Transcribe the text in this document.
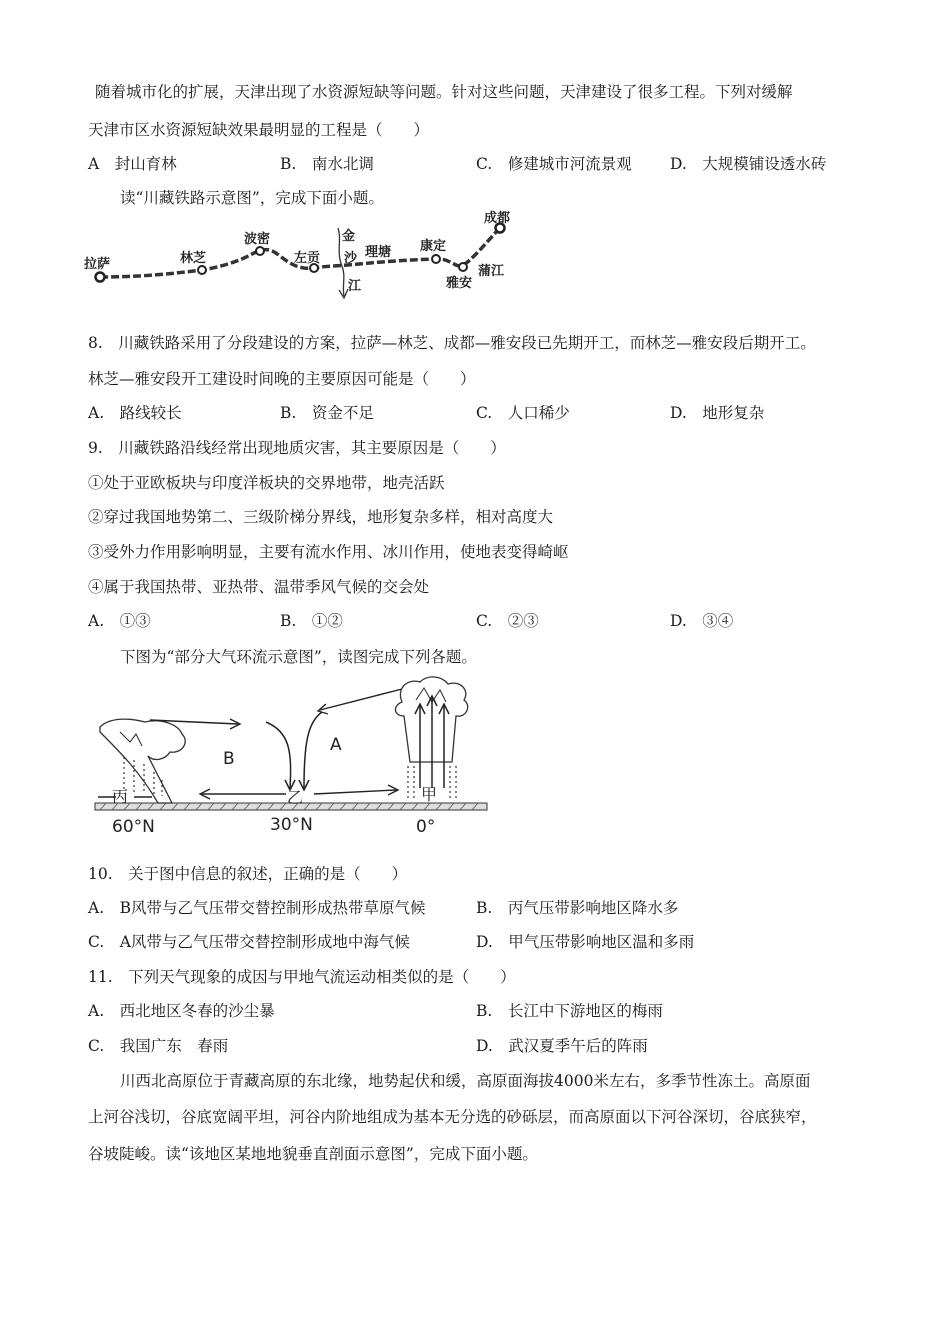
随着城市化的扩展，天津出现了水资源短缺等问题。针对这些问题，天津建设了很多工程。下列对缓解
天津市区水资源短缺效果最明显的工程是（　　）
A　封山育林	B.　南水北调	C.　修建城市河流景观 D.　大规模铺设透水砖
读“川藏铁路示意图”，完成下面小题。
拉萨	林芝
波密
左贡
金
沙
江
理塘 康定
雅安
蒲江
成都
8.　川藏铁路采用了分段建设的方案，拉萨—林芝、成都—雅安段已先期开工，而林芝—雅安段后期开工。
林芝—雅安段开工建设时间晚的主要原因可能是（　　）
A.　路线较长	B.　资金不足	C.　人口稀少	D.　地形复杂
9.　川藏铁路沿线经常出现地质灾害，其主要原因是（　　）
①处于亚欧板块与印度洋板块的交界地带，地壳活跃
②穿过我国地势第二、三级阶梯分界线，地形复杂多样，相对高度大
③受外力作用影响明显，主要有流水作用、冰川作用，使地表变得崎岖
④属于我国热带、亚热带、温带季风气候的交会处
A.　①③	B.　①②	C.　②③	D.　③④
下图为“部分大气环流示意图”，读图完成下列各题。
B
A
丙	乙	甲
60°N	30°N	0°
10.　关于图中信息的叙述，正确的是（　　）
A.　B风带与乙气压带交替控制形成热带草原气候	B.　丙气压带影响地区降水多
C.　A风带与乙气压带交替控制形成地中海气候	D.　甲气压带影响地区温和多雨
11.　下列天气现象的成因与甲地气流运动相类似的是（　　）
A.　西北地区冬春的沙尘暴	B.　长江中下游地区的梅雨
C.　我国广东　春雨	D.　武汉夏季午后的阵雨
川西北高原位于青藏高原的东北缘，地势起伏和缓，高原面海拔4000米左右，多季节性冻土。高原面
上河谷浅切，谷底宽阔平坦，河谷内阶地组成为基本无分选的砂砾层，而高原面以下河谷深切，谷底狭窄，
谷坡陡峻。读“该地区某地地貌垂直剖面示意图”，完成下面小题。
